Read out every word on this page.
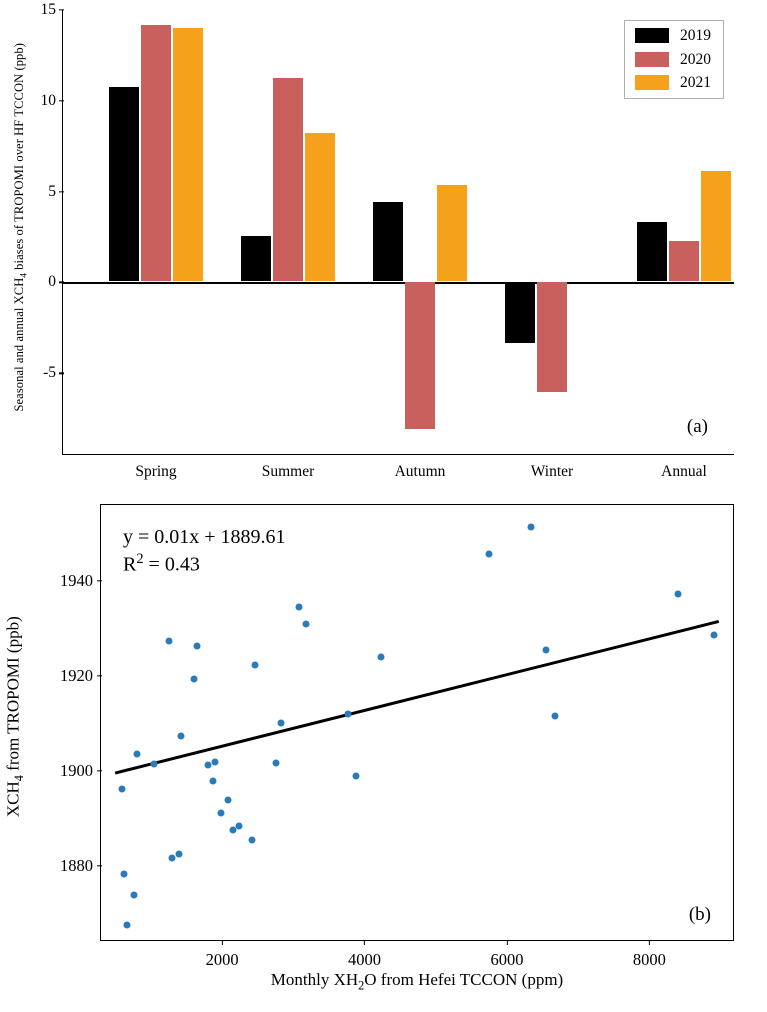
Seasonal and annual $XCH_4$ biases of TROPOMI over HF TCCON (ppb)
15
10
5
0
-5
Spring	Summer	Autumn	Winter	Annual
2019
2020
2021
(a)
$XCH_4$ from TROPOMI (ppb)
1940
1920
1900
1880
2000	4000	6000	8000
y = 0.01x + 1889.61
$R^2 = 0.43$
(b)
Monthly $XH_2O$ from Hefei TCCON (ppm)
